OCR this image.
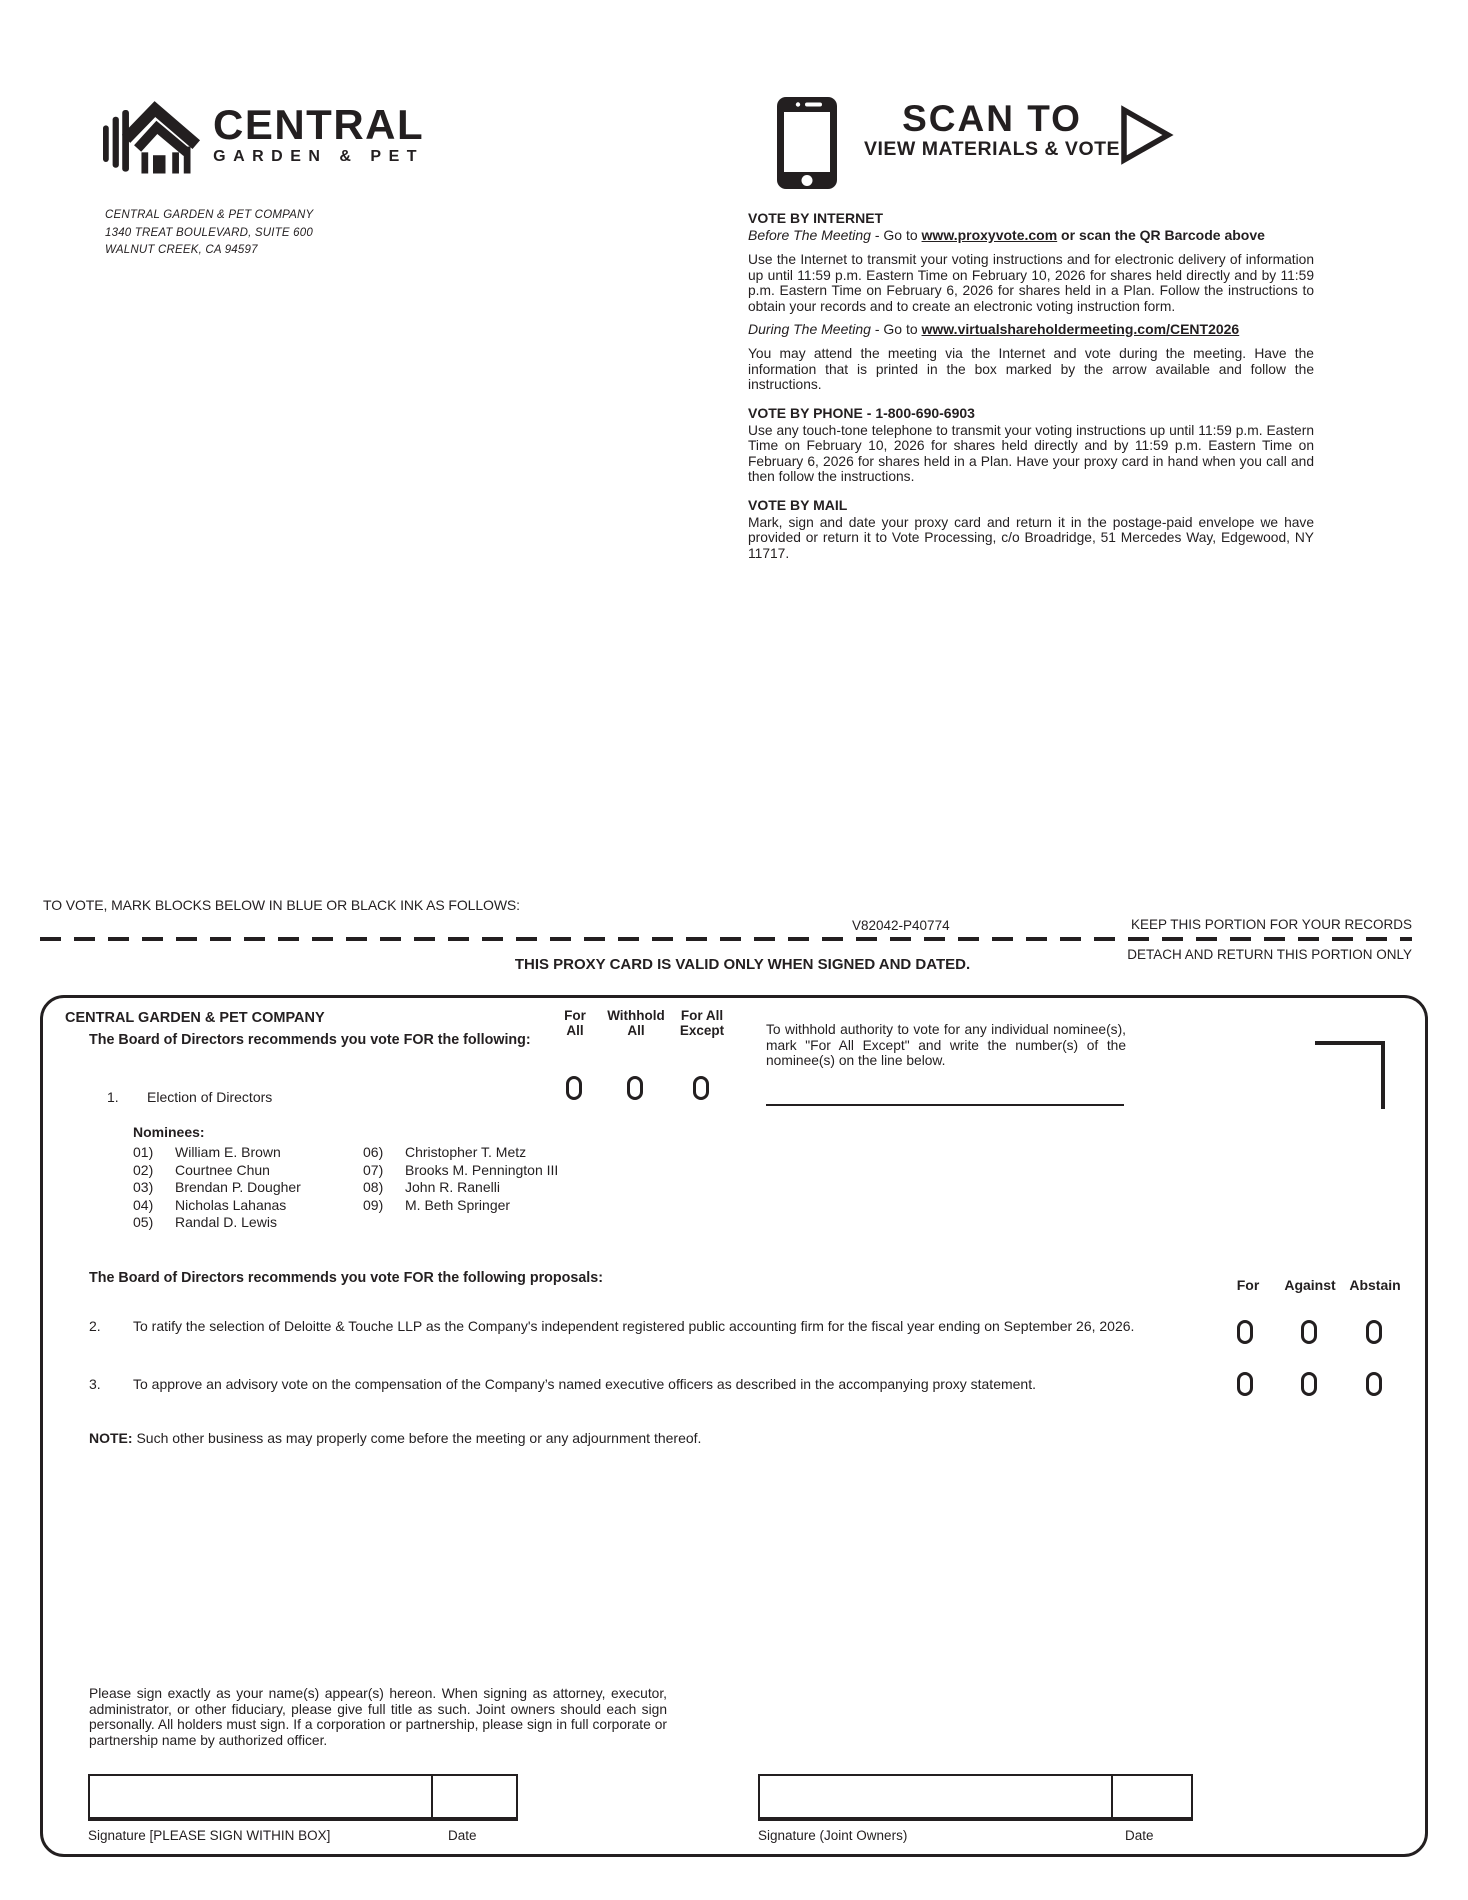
CENTRAL
GARDEN & PET
CENTRAL GARDEN & PET COMPANY
1340 TREAT BOULEVARD, SUITE 600
WALNUT CREEK, CA 94597
SCAN TO
VIEW MATERIALS & VOTE
VOTE BY INTERNET

Before The Meeting - Go to www.proxyvote.com or scan the QR Barcode above

Use the Internet to transmit your voting instructions and for electronic delivery of information up until 11:59 p.m. Eastern Time on February 10, 2026 for shares held directly and by 11:59 p.m. Eastern Time on February 6, 2026 for shares held in a Plan. Follow the instructions to obtain your records and to create an electronic voting instruction form.

During The Meeting - Go to www.virtualshareholdermeeting.com/CENT2026

You may attend the meeting via the Internet and vote during the meeting. Have the information that is printed in the box marked by the arrow available and follow the instructions.

VOTE BY PHONE - 1-800-690-6903

Use any touch-tone telephone to transmit your voting instructions up until 11:59 p.m. Eastern Time on February 10, 2026 for shares held directly and by 11:59 p.m. Eastern Time on February 6, 2026 for shares held in a Plan. Have your proxy card in hand when you call and then follow the instructions.

VOTE BY MAIL

Mark, sign and date your proxy card and return it in the postage-paid envelope we have provided or return it to Vote Processing, c/o Broadridge, 51 Mercedes Way, Edgewood, NY 11717.

TO VOTE, MARK BLOCKS BELOW IN BLUE OR BLACK INK AS FOLLOWS:
V82042-P40774	KEEP THIS PORTION FOR YOUR RECORDS
DETACH AND RETURN THIS PORTION ONLY
THIS PROXY CARD IS VALID ONLY WHEN SIGNED AND DATED.
CENTRAL GARDEN & PET COMPANY
The Board of Directors recommends you vote FOR the following:
For
All
Withhold
All
For All
Except
1. Election of Directors
To withhold authority to vote for any individual nominee(s), mark "For All Except" and write the number(s) of the nominee(s) on the line below.
Nominees:
01) William E. Brown
02) Courtnee Chun
03) Brendan P. Dougher
04) Nicholas Lahanas
05) Randal D. Lewis
06) Christopher T. Metz
07) Brooks M. Pennington III
08) John R. Ranelli
09) M. Beth Springer
The Board of Directors recommends you vote FOR the following proposals:	For	Against Abstain
2. To ratify the selection of Deloitte & Touche LLP as the Company's independent registered public accounting firm for the fiscal year ending on September 26, 2026.
3. To approve an advisory vote on the compensation of the Company’s named executive officers as described in the accompanying proxy statement.
NOTE: Such other business as may properly come before the meeting or any adjournment thereof.
Please sign exactly as your name(s) appear(s) hereon. When signing as attorney, executor, administrator, or other fiduciary, please give full title as such. Joint owners should each sign personally. All holders must sign. If a corporation or partnership, please sign in full corporate or partnership name by authorized officer.
Signature [PLEASE SIGN WITHIN BOX]	Date	Signature (Joint Owners)	Date
